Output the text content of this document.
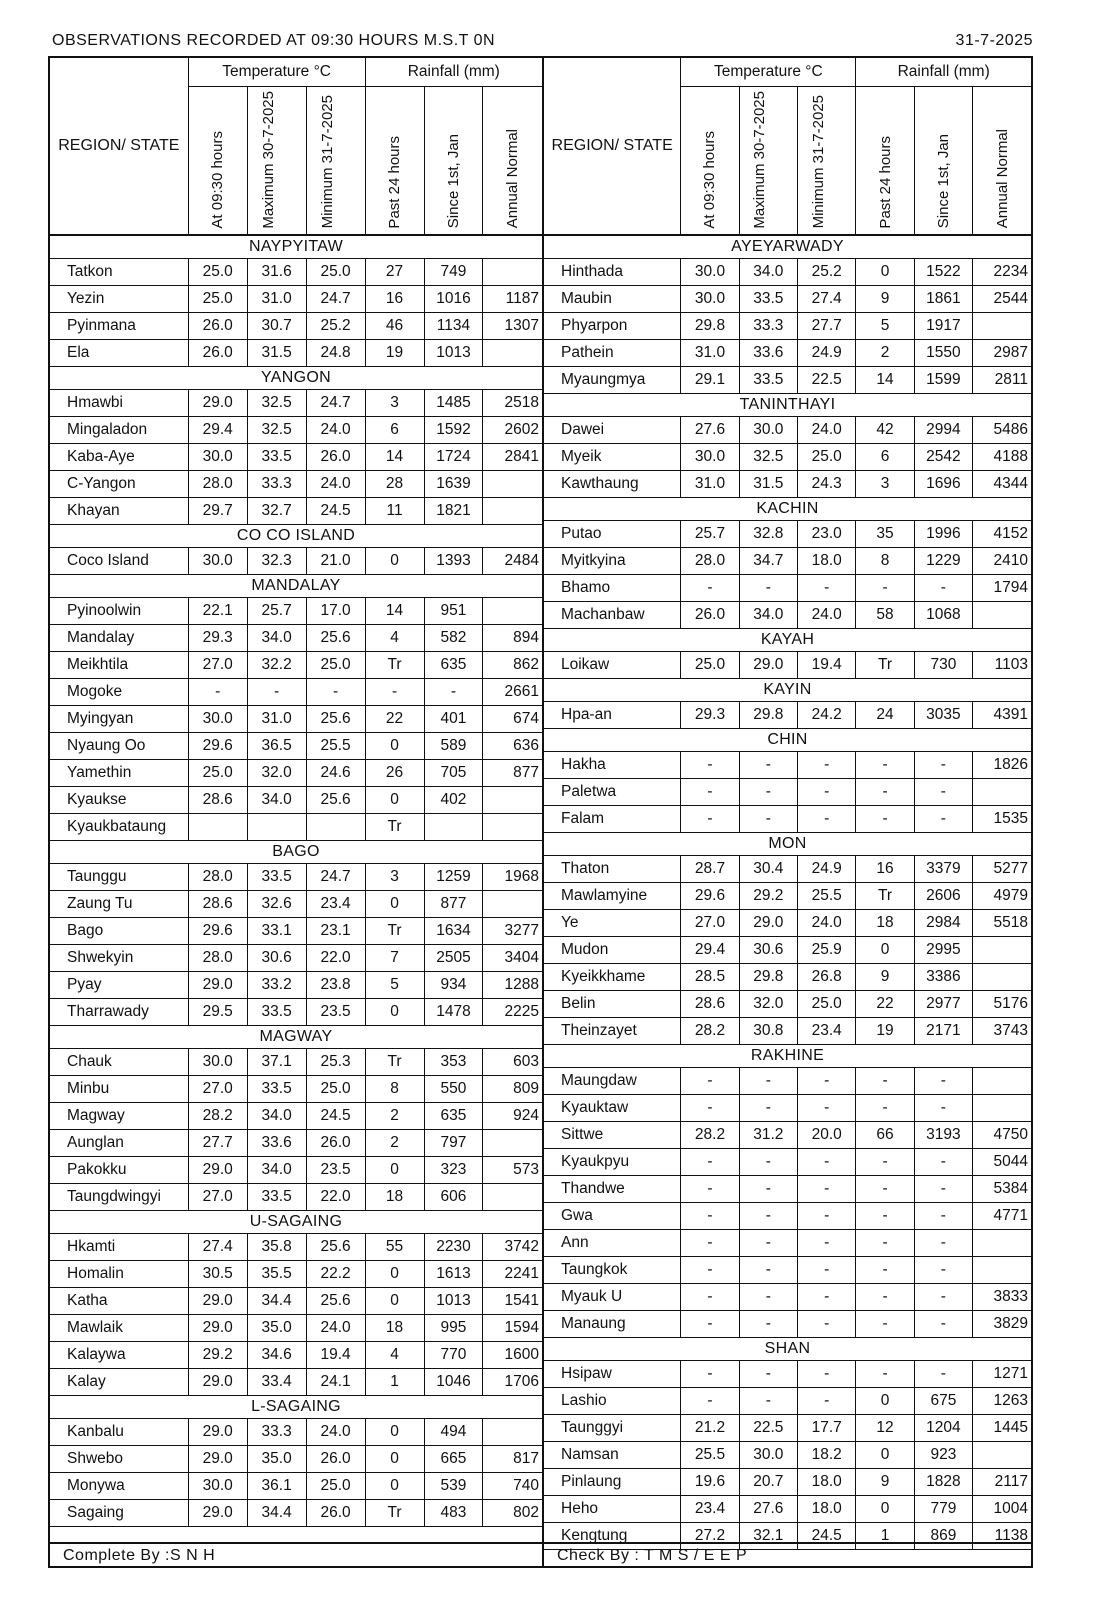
OBSERVATIONS RECORDED AT 09:30 HOURS M.S.T 0N	31-7-2025
	Temperature °C			Rainfall (mm)		
REGION/ STATE	At 09:30 hours	Maximum 30-7-2025	Minimum 31-7-2025	Past 24 hours	Since 1st, Jan	Annual Normal
NAYPYITAW						
Tatkon	25.0	31.6	25.0	27	749	
Yezin	25.0	31.0	24.7	16	1016	1187
Pyinmana	26.0	30.7	25.2	46	1134	1307
Ela	26.0	31.5	24.8	19	1013	
YANGON						
Hmawbi	29.0	32.5	24.7	3	1485	2518
Mingaladon	29.4	32.5	24.0	6	1592	2602
Kaba-Aye	30.0	33.5	26.0	14	1724	2841
C-Yangon	28.0	33.3	24.0	28	1639	
Khayan	29.7	32.7	24.5	11	1821	
CO CO ISLAND						
Coco Island	30.0	32.3	21.0	0	1393	2484
MANDALAY						
Pyinoolwin	22.1	25.7	17.0	14	951	
Mandalay	29.3	34.0	25.6	4	582	894
Meikhtila	27.0	32.2	25.0	Tr	635	862
Mogoke	-	-	-	-	-	2661
Myingyan	30.0	31.0	25.6	22	401	674
Nyaung Oo	29.6	36.5	25.5	0	589	636
Yamethin	25.0	32.0	24.6	26	705	877
Kyaukse	28.6	34.0	25.6	0	402	
Kyaukbataung				Tr		
BAGO						
Taunggu	28.0	33.5	24.7	3	1259	1968
Zaung Tu	28.6	32.6	23.4	0	877	
Bago	29.6	33.1	23.1	Tr	1634	3277
Shwekyin	28.0	30.6	22.0	7	2505	3404
Pyay	29.0	33.2	23.8	5	934	1288
Tharrawady	29.5	33.5	23.5	0	1478	2225
MAGWAY						
Chauk	30.0	37.1	25.3	Tr	353	603
Minbu	27.0	33.5	25.0	8	550	809
Magway	28.2	34.0	24.5	2	635	924
Aunglan	27.7	33.6	26.0	2	797	
Pakokku	29.0	34.0	23.5	0	323	573
Taungdwingyi	27.0	33.5	22.0	18	606	
U-SAGAING						
Hkamti	27.4	35.8	25.6	55	2230	3742
Homalin	30.5	35.5	22.2	0	1613	2241
Katha	29.0	34.4	25.6	0	1013	1541
Mawlaik	29.0	35.0	24.0	18	995	1594
Kalaywa	29.2	34.6	19.4	4	770	1600
Kalay	29.0	33.4	24.1	1	1046	1706
L-SAGAING						
Kanbalu	29.0	33.3	24.0	0	494	
Shwebo	29.0	35.0	26.0	0	665	817
Monywa	30.0	36.1	25.0	0	539	740
Sagaing	29.0	34.4	26.0	Tr	483	802
Complete By :S N H
	Temperature °C			Rainfall (mm)		
REGION/ STATE	At 09:30 hours	Maximum 30-7-2025	Minimum 31-7-2025	Past 24 hours	Since 1st, Jan	Annual Normal
AYEYARWADY						
Hinthada	30.0	34.0	25.2	0	1522	2234
Maubin	30.0	33.5	27.4	9	1861	2544
Phyarpon	29.8	33.3	27.7	5	1917	
Pathein	31.0	33.6	24.9	2	1550	2987
Myaungmya	29.1	33.5	22.5	14	1599	2811
TANINTHAYI						
Dawei	27.6	30.0	24.0	42	2994	5486
Myeik	30.0	32.5	25.0	6	2542	4188
Kawthaung	31.0	31.5	24.3	3	1696	4344
KACHIN						
Putao	25.7	32.8	23.0	35	1996	4152
Myitkyina	28.0	34.7	18.0	8	1229	2410
Bhamo	-	-	-	-	-	1794
Machanbaw	26.0	34.0	24.0	58	1068	
KAYAH						
Loikaw	25.0	29.0	19.4	Tr	730	1103
KAYIN						
Hpa-an	29.3	29.8	24.2	24	3035	4391
CHIN						
Hakha	-	-	-	-	-	1826
Paletwa	-	-	-	-	-	
Falam	-	-	-	-	-	1535
MON						
Thaton	28.7	30.4	24.9	16	3379	5277
Mawlamyine	29.6	29.2	25.5	Tr	2606	4979
Ye	27.0	29.0	24.0	18	2984	5518
Mudon	29.4	30.6	25.9	0	2995	
Kyeikkhame	28.5	29.8	26.8	9	3386	
Belin	28.6	32.0	25.0	22	2977	5176
Theinzayet	28.2	30.8	23.4	19	2171	3743
RAKHINE						
Maungdaw	-	-	-	-	-	
Kyauktaw	-	-	-	-	-	
Sittwe	28.2	31.2	20.0	66	3193	4750
Kyaukpyu	-	-	-	-	-	5044
Thandwe	-	-	-	-	-	5384
Gwa	-	-	-	-	-	4771
Ann	-	-	-	-	-	
Taungkok	-	-	-	-	-	
Myauk U	-	-	-	-	-	3833
Manaung	-	-	-	-	-	3829
SHAN						
Hsipaw	-	-	-	-	-	1271
Lashio	-	-	-	0	675	1263
Taunggyi	21.2	22.5	17.7	12	1204	1445
Namsan	25.5	30.0	18.2	0	923	
Pinlaung	19.6	20.7	18.0	9	1828	2117
Heho	23.4	27.6	18.0	0	779	1004
Kengtung	27.2	32.1	24.5	1	869	1138
Check By : T M S / E E P
